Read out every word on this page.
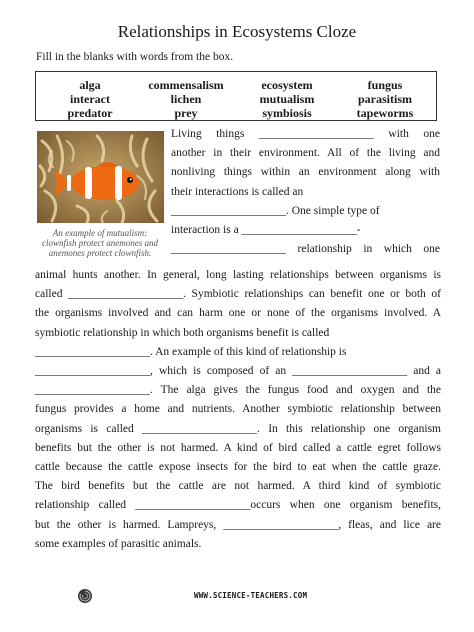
Relationships in Ecosystems Cloze
Fill in the blanks with words from the box.
alga
interact
predator
commensalism
lichen
prey
ecosystem
mutualism
symbiosis
fungus
parasitism
tapeworms
An example of mutualism:
clownfish protect anemones and
anemones protect clownfish.
Living things ____________________ with one
another in their environment. All of the living and
nonliving things within an environment along with
their interactions is called an
____________________. One simple type of
interaction is a ____________________-
____________________ relationship in which one
animal hunts another. In general, long lasting relationships between organisms is
called ____________________. Symbiotic relationships can benefit one or both of
the organisms involved and can harm one or none of the organisms involved. A
symbiotic relationship in which both organisms benefit is called
____________________. An example of this kind of relationship is
____________________, which is composed of an ____________________ and a
____________________. The alga gives the fungus food and oxygen and the
fungus provides a home and nutrients. Another symbiotic relationship between
organisms is called ____________________. In this relationship one organism
benefits but the other is not harmed. A kind of bird called a cattle egret follows
cattle because the cattle expose insects for the bird to eat when the cattle graze.
The bird benefits but the cattle are not harmed. A third kind of symbiotic
relationship called ____________________occurs when one organism benefits,
but the other is harmed. Lampreys, ____________________, fleas, and lice are
some examples of parasitic animals.
WWW.SCIENCE-TEACHERS.COM
